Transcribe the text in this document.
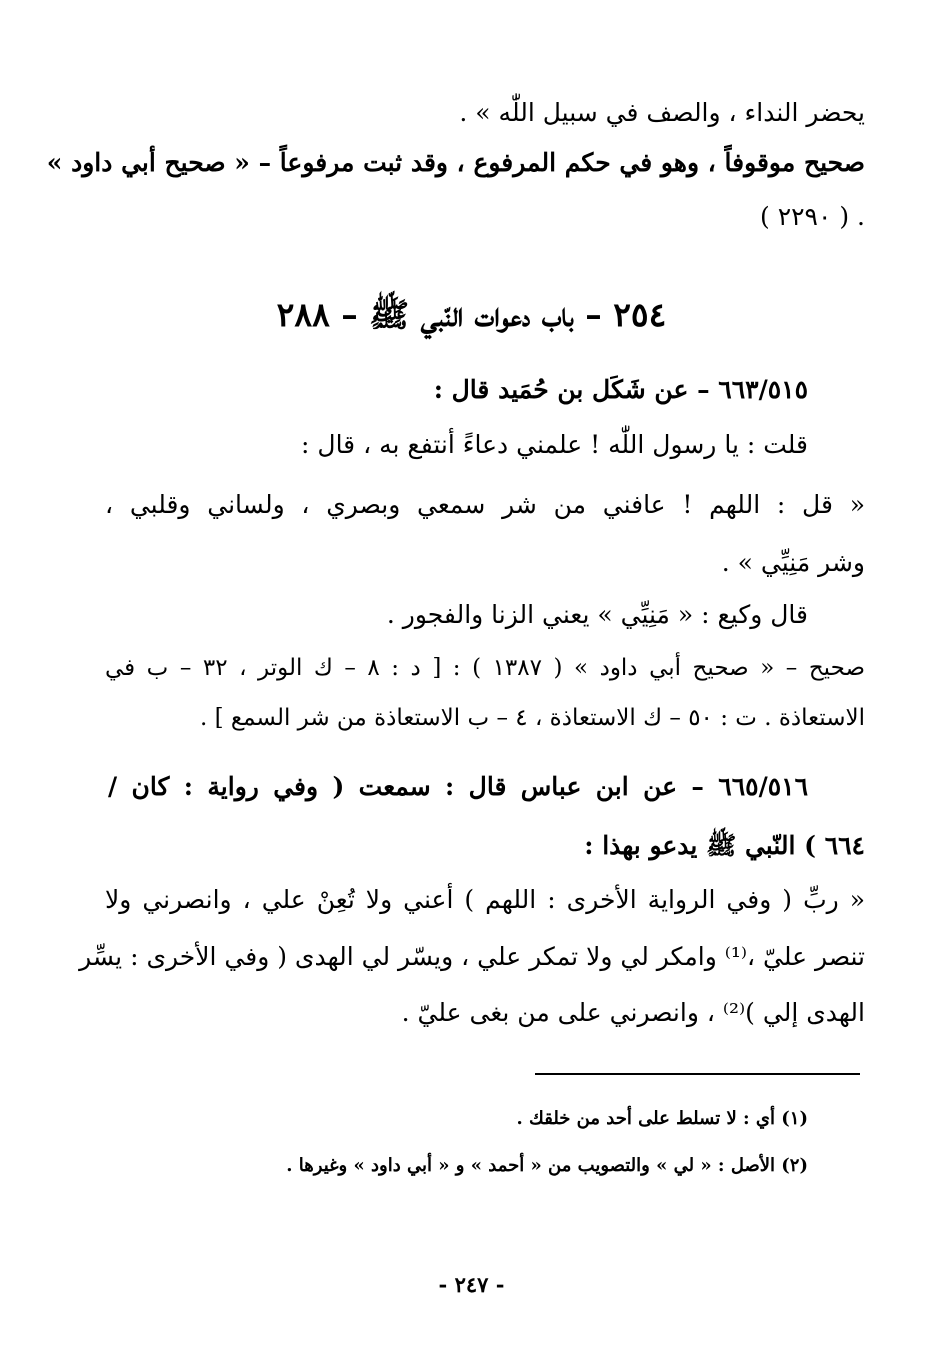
يحضر النداء ، والصف في سبيل اللّٰه » .
صحيح موقوفاً ، وهو في حكم المرفوع ، وقد ثبت مرفوعاً – « صحيح أبي داود »
. ( ٢٢٩٠ )
٢٥٤ – باب دعوات النّبي ﷺ – ٢٨٨
٦٦٣/٥١٥ – عن شَكَل بن حُمَيد قال :
قلت : يا رسول اللّٰه ! علمني دعاءً أنتفع به ، قال :
« قل : اللهم ! عافني من شر سمعي وبصري ، ولساني وقلبي ،
وشر مَنِيِّي » .
قال وكيع : « مَنِيِّي » يعني الزنا والفجور .
صحيح – « صحيح أبي داود » ( ١٣٨٧ ) : [ د : ٨ – ك الوتر ، ٣٢ – ب في
الاستعاذة . ت : ٥٠ – ك الاستعاذة ، ٤ – ب الاستعاذة من شر السمع ] .
٦٦٥/٥١٦ – عن ابن عباس قال : سمعت ( وفي رواية : كان /
٦٦٤ ) النّبي ﷺ يدعو بهذا :
« ربِّ ( وفي الرواية الأخرى : اللهم ) أعني ولا تُعِنْ علي ، وانصرني ولا
تنصر عليّ ،⁽¹⁾ وامكر لي ولا تمكر علي ، ويسّر لي الهدى ( وفي الأخرى : يسِّر
الهدى إلي )⁽²⁾ ، وانصرني على من بغى عليّ .
(١) أي : لا تسلط على أحد من خلقك .
(٢) الأصل : « لي » والتصويب من « أحمد » و « أبي داود » وغيرها .
- ٢٤٧ -
